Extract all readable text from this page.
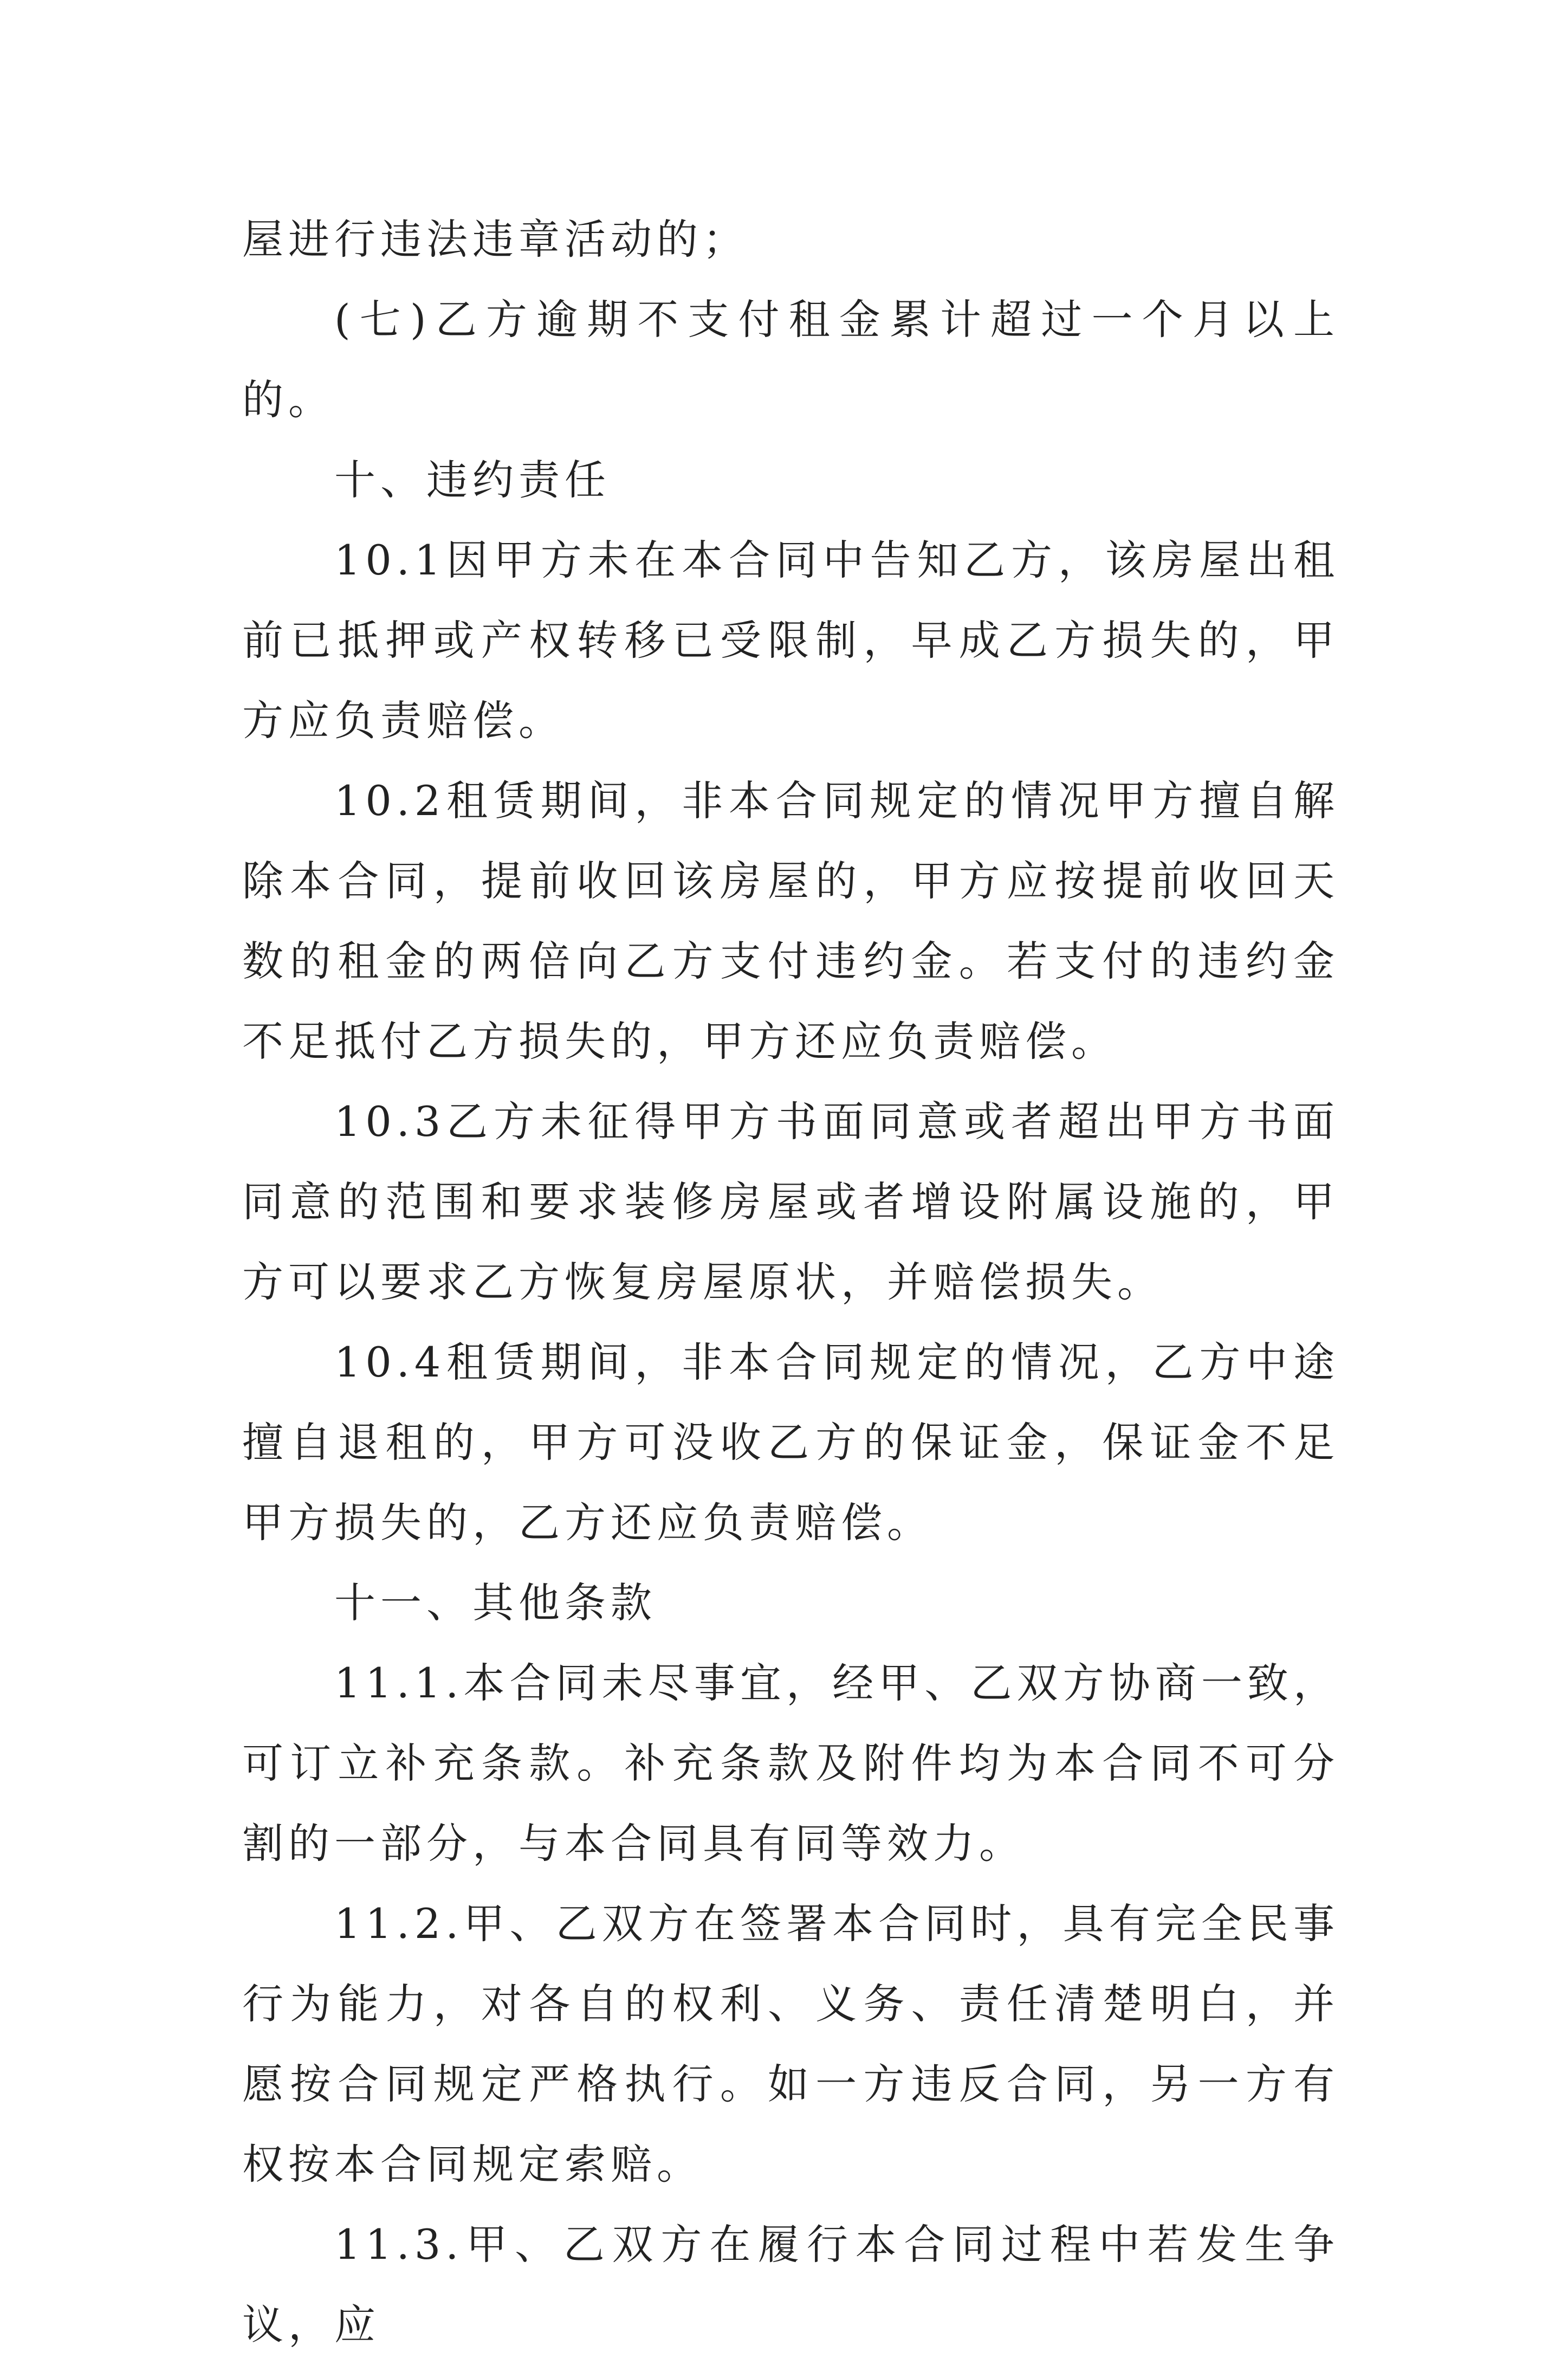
屋进行违法违章活动的；

(七)乙方逾期不支付租金累计超过一个月以上的。

十、违约责任

10.1因甲方未在本合同中告知乙方，该房屋出租前已抵押或产权转移已受限制，早成乙方损失的，甲方应负责赔偿。

10.2租赁期间，非本合同规定的情况甲方擅自解除本合同，提前收回该房屋的，甲方应按提前收回天数的租金的两倍向乙方支付违约金。若支付的违约金不足抵付乙方损失的，甲方还应负责赔偿。

10.3乙方未征得甲方书面同意或者超出甲方书面同意的范围和要求装修房屋或者增设附属设施的，甲方可以要求乙方恢复房屋原状，并赔偿损失。

10.4租赁期间，非本合同规定的情况，乙方中途擅自退租的，甲方可没收乙方的保证金，保证金不足甲方损失的，乙方还应负责赔偿。

十一、其他条款

11.1.本合同未尽事宜，经甲、乙双方协商一致，可订立补充条款。补充条款及附件均为本合同不可分割的一部分，与本合同具有同等效力。

11.2.甲、乙双方在签署本合同时，具有完全民事行为能力，对各自的权利、义务、责任清楚明白，并愿按合同规定严格执行。如一方违反合同，另一方有权按本合同规定索赔。

11.3.甲、乙双方在履行本合同过程中若发生争议，应
